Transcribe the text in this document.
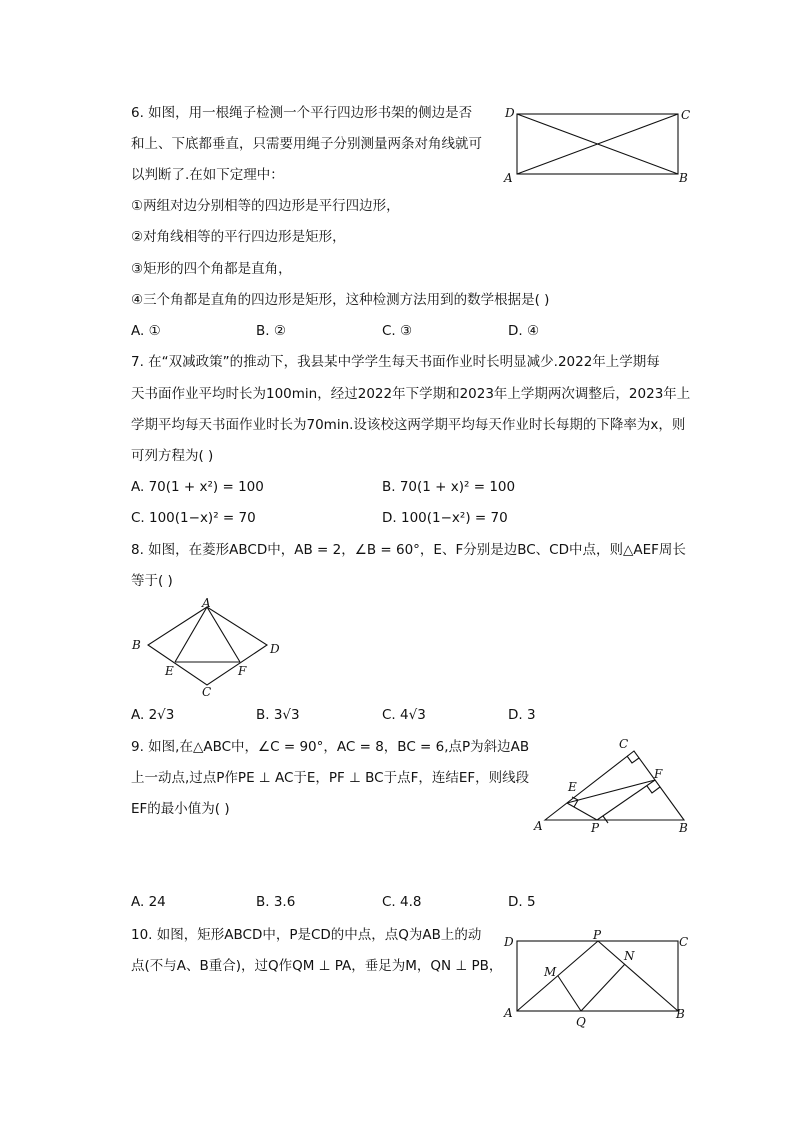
6. 如图，用一根绳子检测一个平行四边形书架的侧边是否
和上、下底都垂直，只需要用绳子分别测量两条对角线就可
以判断了.在如下定理中：
①两组对边分别相等的四边形是平行四边形，
②对角线相等的平行四边形是矩形，
③矩形的四个角都是直角，
④三个角都是直角的四边形是矩形，这种检测方法用到的数学根据是( )
A. ①	B. ②	C. ③	D. ④
D	C
A	B
7. 在“双减政策”的推动下，我县某中学学生每天书面作业时长明显减少.2022年上学期每
天书面作业平均时长为100min，经过2022年下学期和2023年上学期两次调整后，2023年上
学期平均每天书面作业时长为70min.设该校这两学期平均每天作业时长每期的下降率为x，则
可列方程为( )
A. 70(1 + x²) = 100	B. 70(1 + x)² = 100
C. 100(1−x)² = 70	D. 100(1−x²) = 70
8. 如图，在菱形ABCD中，AB = 2，∠B = 60°，E、F分别是边BC、CD中点，则△AEF周长
等于( )
A
B	D
E	F
C
A. 2√3	B. 3√3	C. 4√3	D. 3
9. 如图,在△ABC中，∠C = 90°，AC = 8，BC = 6,点P为斜边AB
上一动点,过点P作PE ⊥ AC于E，PF ⊥ BC于点F，连结EF，则线段
EF的最小值为( )
C
F
E
A	P	B
A. 24	B. 3.6	C. 4.8	D. 5
10. 如图，矩形ABCD中，P是CD的中点，点Q为AB上的动
点(不与A、B重合)，过Q作QM ⊥ PA，垂足为M，QN ⊥ PB，
D	P	C
N
M
A
Q
B
